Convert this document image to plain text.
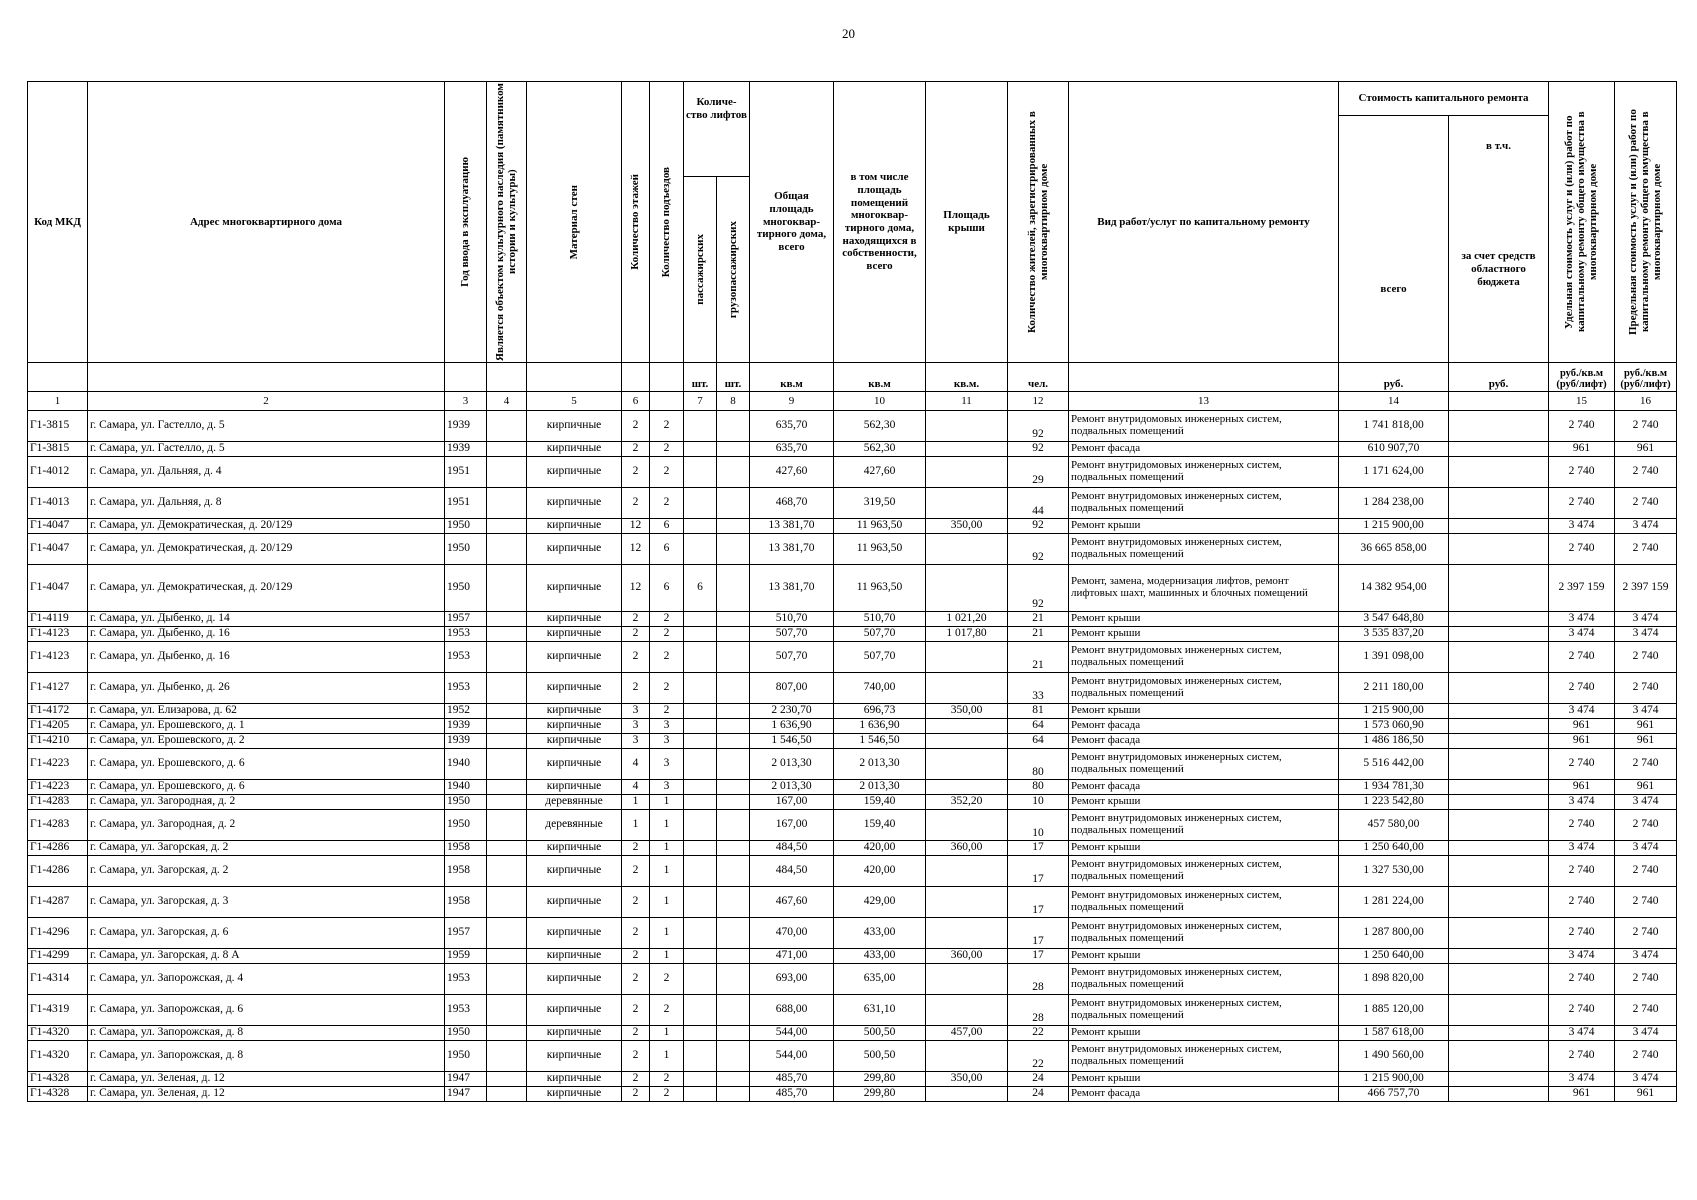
20
Код МКД	Адрес многоквартирного дома	Год ввода в эксплуатацию	Является объектом культурного наследия (памятником истории и культуры)	Материал стен	Количество этажей	Количество подъездов	Количе-ство лифтов		Общая площадь многоквар-тирного дома, всего	в том числе площадь помещений многоквар-тирного дома, находящихся в собственности, всего	Площадь крыши	Количество жителей, зарегистрированных в многоквартирном доме	Вид работ/услуг по капитальному ремонту	Стоимость капитального ремонта		Удельная стоимость услуг и (или) работ по капитальному ремонту общего имущества в многоквартирном доме	Предельная стоимость услуг и (или) работ по капитальному ремонту общего имущества в многоквартирном доме

														всего	в т.ч.		

							пассажирских	грузопассажирских							за счет средств областного бюджета		
							шт.	шт.	кв.м	кв.м	кв.м.	чел.		руб.	руб.	руб./кв.м (руб/лифт)	руб./кв.м (руб/лифт)
1	2	3	4	5	6		7	8	9	10	11	12	13	14		15	16
Г1-3815	г. Самара, ул. Гастелло, д. 5	1939		кирпичные	2	2			635,70	562,30		92	Ремонт внутридомовых инженерных систем, подвальных помещений	1 741 818,00		2 740	2 740
Г1-3815	г. Самара, ул. Гастелло, д. 5	1939		кирпичные	2	2			635,70	562,30		92	Ремонт фасада	610 907,70		961	961
Г1-4012	г. Самара, ул. Дальняя, д. 4	1951		кирпичные	2	2			427,60	427,60		29	Ремонт внутридомовых инженерных систем, подвальных помещений	1 171 624,00		2 740	2 740
Г1-4013	г. Самара, ул. Дальняя, д. 8	1951		кирпичные	2	2			468,70	319,50		44	Ремонт внутридомовых инженерных систем, подвальных помещений	1 284 238,00		2 740	2 740
Г1-4047	г. Самара, ул. Демократическая, д. 20/129	1950		кирпичные	12	6			13 381,70	11 963,50	350,00	92	Ремонт крыши	1 215 900,00		3 474	3 474
Г1-4047	г. Самара, ул. Демократическая, д. 20/129	1950		кирпичные	12	6			13 381,70	11 963,50		92	Ремонт внутридомовых инженерных систем, подвальных помещений	36 665 858,00		2 740	2 740
Г1-4047	г. Самара, ул. Демократическая, д. 20/129	1950		кирпичные	12	6	6		13 381,70	11 963,50		92	Ремонт, замена, модернизация лифтов, ремонт лифтовых шахт, машинных и блочных помещений	14 382 954,00		2 397 159	2 397 159
Г1-4119	г. Самара, ул. Дыбенко, д. 14	1957		кирпичные	2	2			510,70	510,70	1 021,20	21	Ремонт крыши	3 547 648,80		3 474	3 474
Г1-4123	г. Самара, ул. Дыбенко, д. 16	1953		кирпичные	2	2			507,70	507,70	1 017,80	21	Ремонт крыши	3 535 837,20		3 474	3 474
Г1-4123	г. Самара, ул. Дыбенко, д. 16	1953		кирпичные	2	2			507,70	507,70		21	Ремонт внутридомовых инженерных систем, подвальных помещений	1 391 098,00		2 740	2 740
Г1-4127	г. Самара, ул. Дыбенко, д. 26	1953		кирпичные	2	2			807,00	740,00		33	Ремонт внутридомовых инженерных систем, подвальных помещений	2 211 180,00		2 740	2 740
Г1-4172	г. Самара, ул. Елизарова, д. 62	1952		кирпичные	3	2			2 230,70	696,73	350,00	81	Ремонт крыши	1 215 900,00		3 474	3 474
Г1-4205	г. Самара, ул. Ерошевского, д. 1	1939		кирпичные	3	3			1 636,90	1 636,90		64	Ремонт фасада	1 573 060,90		961	961
Г1-4210	г. Самара, ул. Ерошевского, д. 2	1939		кирпичные	3	3			1 546,50	1 546,50		64	Ремонт фасада	1 486 186,50		961	961
Г1-4223	г. Самара, ул. Ерошевского, д. 6	1940		кирпичные	4	3			2 013,30	2 013,30		80	Ремонт внутридомовых инженерных систем, подвальных помещений	5 516 442,00		2 740	2 740
Г1-4223	г. Самара, ул. Ерошевского, д. 6	1940		кирпичные	4	3			2 013,30	2 013,30		80	Ремонт фасада	1 934 781,30		961	961
Г1-4283	г. Самара, ул. Загородная, д. 2	1950		деревянные	1	1			167,00	159,40	352,20	10	Ремонт крыши	1 223 542,80		3 474	3 474
Г1-4283	г. Самара, ул. Загородная, д. 2	1950		деревянные	1	1			167,00	159,40		10	Ремонт внутридомовых инженерных систем, подвальных помещений	457 580,00		2 740	2 740
Г1-4286	г. Самара, ул. Загорская, д. 2	1958		кирпичные	2	1			484,50	420,00	360,00	17	Ремонт крыши	1 250 640,00		3 474	3 474
Г1-4286	г. Самара, ул. Загорская, д. 2	1958		кирпичные	2	1			484,50	420,00		17	Ремонт внутридомовых инженерных систем, подвальных помещений	1 327 530,00		2 740	2 740
Г1-4287	г. Самара, ул. Загорская, д. 3	1958		кирпичные	2	1			467,60	429,00		17	Ремонт внутридомовых инженерных систем, подвальных помещений	1 281 224,00		2 740	2 740
Г1-4296	г. Самара, ул. Загорская, д. 6	1957		кирпичные	2	1			470,00	433,00		17	Ремонт внутридомовых инженерных систем, подвальных помещений	1 287 800,00		2 740	2 740
Г1-4299	г. Самара, ул. Загорская, д. 8 А	1959		кирпичные	2	1			471,00	433,00	360,00	17	Ремонт крыши	1 250 640,00		3 474	3 474
Г1-4314	г. Самара, ул. Запорожская, д. 4	1953		кирпичные	2	2			693,00	635,00		28	Ремонт внутридомовых инженерных систем, подвальных помещений	1 898 820,00		2 740	2 740
Г1-4319	г. Самара, ул. Запорожская, д. 6	1953		кирпичные	2	2			688,00	631,10		28	Ремонт внутридомовых инженерных систем, подвальных помещений	1 885 120,00		2 740	2 740
Г1-4320	г. Самара, ул. Запорожская, д. 8	1950		кирпичные	2	1			544,00	500,50	457,00	22	Ремонт крыши	1 587 618,00		3 474	3 474
Г1-4320	г. Самара, ул. Запорожская, д. 8	1950		кирпичные	2	1			544,00	500,50		22	Ремонт внутридомовых инженерных систем, подвальных помещений	1 490 560,00		2 740	2 740
Г1-4328	г. Самара, ул. Зеленая, д. 12	1947		кирпичные	2	2			485,70	299,80	350,00	24	Ремонт крыши	1 215 900,00		3 474	3 474
Г1-4328	г. Самара, ул. Зеленая, д. 12	1947		кирпичные	2	2			485,70	299,80		24	Ремонт фасада	466 757,70		961	961
